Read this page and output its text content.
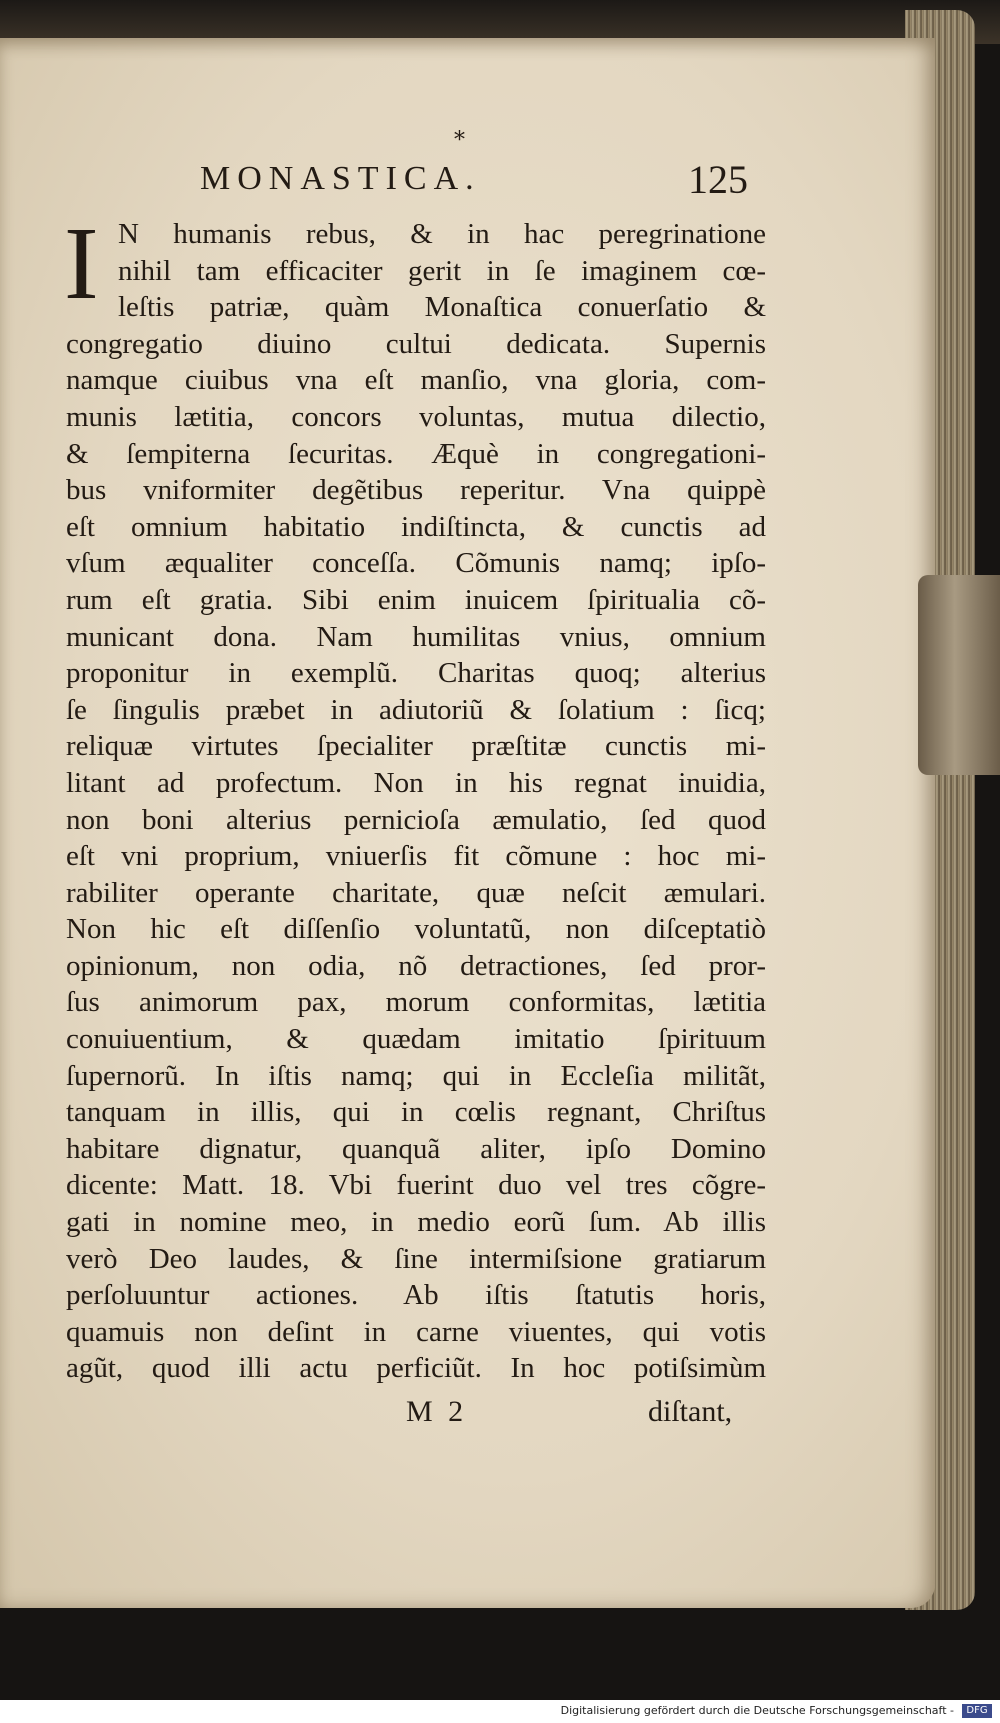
*
MONASTICA.	125
I N humanis rebus, & in hac peregrinatione
nihil tam efficaciter gerit in ſe imaginem cœ-
leſtis patriæ, quàm Monaſtica conuerſatio &
congregatio diuino cultui dedicata. Supernis
namque ciuibus vna eſt manſio, vna gloria, com-
munis lætitia, concors voluntas, mutua dilectio,
& ſempiterna ſecuritas. Æquè in congregationi-
bus vniformiter degẽtibus reperitur. Vna quippè
eſt omnium habitatio indiſtincta, & cunctis ad
vſum æqualiter conceſſa. Cõmunis namq; ipſo-
rum eſt gratia. Sibi enim inuicem ſpiritualia cõ-
municant dona. Nam humilitas vnius, omnium
proponitur in exemplũ. Charitas quoq; alterius
ſe ſingulis præbet in adiutoriũ & ſolatium : ſicq;
reliquæ virtutes ſpecialiter præſtitæ cunctis mi-
litant ad profectum. Non in his regnat inuidia,
non boni alterius pernicioſa æmulatio, ſed quod
eſt vni proprium, vniuerſis fit cõmune : hoc mi-
rabiliter operante charitate, quæ neſcit æmulari.
Non hic eſt diſſenſio voluntatũ, non diſceptatiò
opinionum, non odia, nõ detractiones, ſed pror-
ſus animorum pax, morum conformitas, lætitia
conuiuentium, & quædam imitatio ſpirituum
ſupernorũ. In iſtis namq; qui in Eccleſia militãt,
tanquam in illis, qui in cœlis regnant, Chriſtus
habitare dignatur, quanquã aliter, ipſo Domino
dicente: Matt. 18. Vbi fuerint duo vel tres cõgre-
gati in nomine meo, in medio eorũ ſum. Ab illis
verò Deo laudes, & ſine intermiſsione gratiarum
perſoluuntur actiones. Ab iſtis ſtatutis horis,
quamuis non deſint in carne viuentes, qui votis
agũt, quod illi actu perficiũt. In hoc potiſsimùm
M 2	diſtant,
Digitalisierung gefördert durch die Deutsche Forschungsgemeinschaft -	DFG
